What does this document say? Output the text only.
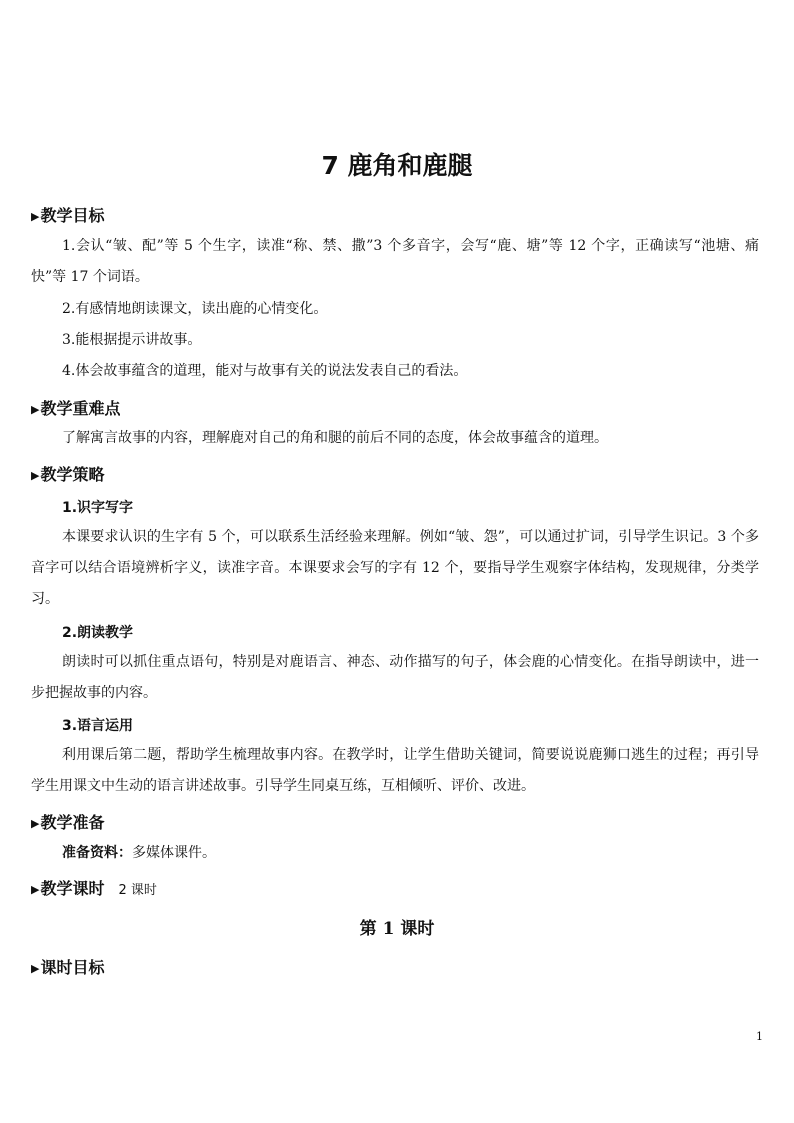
7 鹿角和鹿腿
▶教学目标
1.会认“皱、配”等 5 个生字，读准“称、禁、撒”3 个多音字，会写“鹿、塘”等 12 个字，正确读写“池塘、痛快”等 17 个词语。
2.有感情地朗读课文，读出鹿的心情变化。
3.能根据提示讲故事。
4.体会故事蕴含的道理，能对与故事有关的说法发表自己的看法。
▶教学重难点
了解寓言故事的内容，理解鹿对自己的角和腿的前后不同的态度，体会故事蕴含的道理。
▶教学策略
1.识字写字
本课要求认识的生字有 5 个，可以联系生活经验来理解。例如“皱、怨”，可以通过扩词，引导学生识记。3 个多音字可以结合语境辨析字义，读准字音。本课要求会写的字有 12 个，要指导学生观察字体结构，发现规律，分类学习。
2.朗读教学
朗读时可以抓住重点语句，特别是对鹿语言、神态、动作描写的句子，体会鹿的心情变化。在指导朗读中，进一步把握故事的内容。
3.语言运用
利用课后第二题，帮助学生梳理故事内容。在教学时，让学生借助关键词，简要说说鹿狮口逃生的过程；再引导学生用课文中生动的语言讲述故事。引导学生同桌互练，互相倾听、评价、改进。
▶教学准备
准备资料：多媒体课件。
▶教学课时 2 课时
第 1 课时
▶课时目标
1
